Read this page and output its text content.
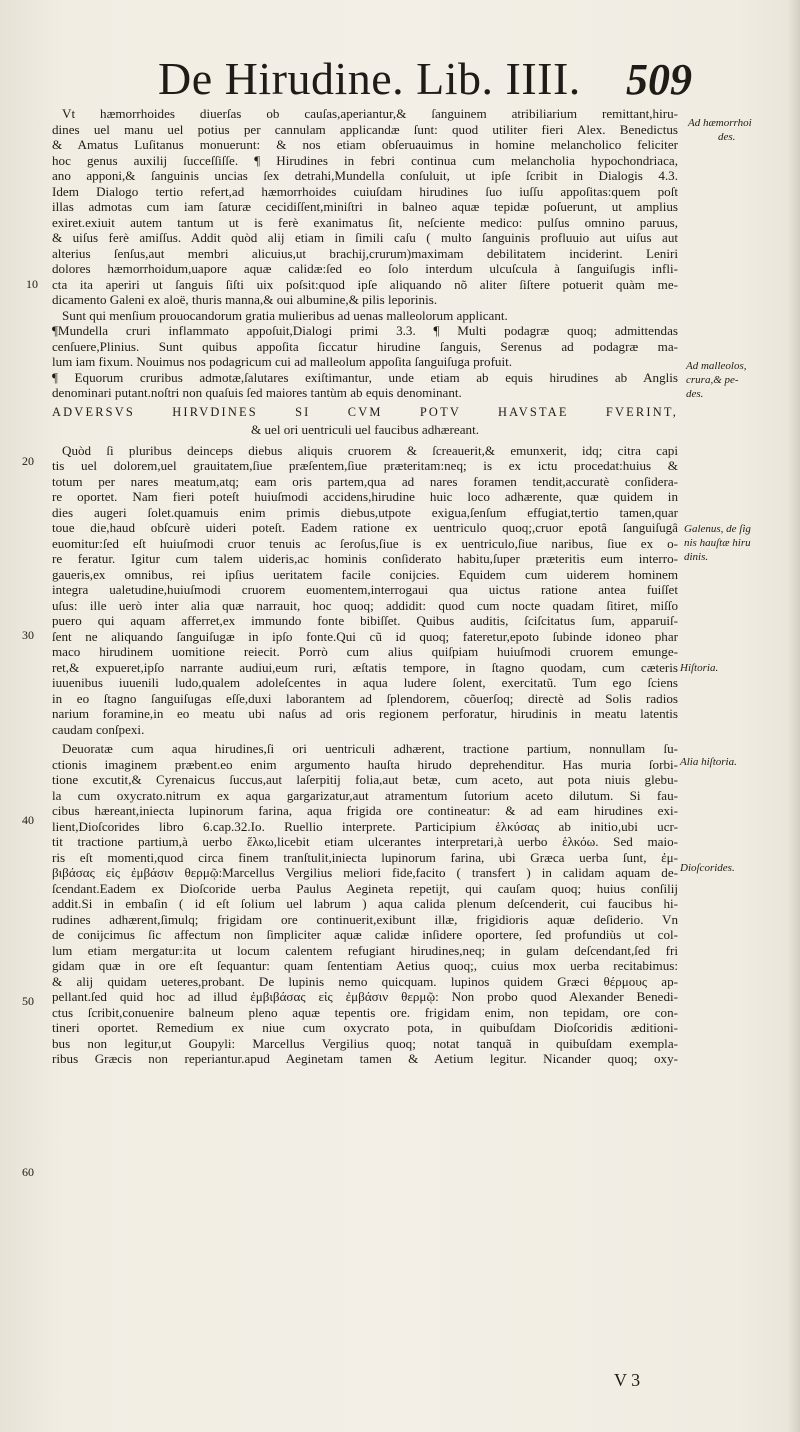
De Hirudine. Lib. IIII. 509
Vt hæmorrhoides diuerſas ob cauſas,aperiantur,& ſanguinem atribiliarium remittant,hiru-
dines uel manu uel potius per cannulam applicandæ ſunt: quod utiliter fieri Alex. Benedictus
& Amatus Luſitanus monuerunt: & nos etiam obſeruauimus in homine melancholico feliciter
hoc genus auxilij ſucceſſiſſe. ¶ Hirudines in febri continua cum melancholia hypochondriaca,
ano apponi,& ſanguinis uncias ſex detrahi,Mundella conſuluit, ut ipſe ſcribit in Dialogis 4.3.
Idem Dialogo tertio refert,ad hæmorrhoides cuiuſdam hirudines ſuo iuſſu appoſitas:quem poſt
illas admotas cum iam ſaturæ cecidiſſent,miniſtri in balneo aquæ tepidæ poſuerunt, ut amplius
exiret.exiuit autem tantum ut is ferè exanimatus ſit, neſciente medico: pulſus omnino paruus,
& uiſus ferè amiſſus. Addit quòd alij etiam in ſimili caſu ( multo ſanguinis profluuio aut uiſus aut
alterius ſenſus,aut membri alicuius,ut brachij,crurum)maximam debilitatem inciderint. Leniri
dolores hæmorrhoidum,uapore aquæ calidæ:ſed eo ſolo interdum ulcuſcula à ſanguiſugis infli-
cta ita aperiri ut ſanguis ſiſti uix poſsit:quod ipſe aliquando nõ aliter ſiſtere potuerit quàm me-
dicamento Galeni ex aloë, thuris manna,& oui albumine,& pilis leporinis.
Sunt qui menſium prouocandorum gratia mulieribus ad uenas malleolorum applicant.
¶Mundella cruri inflammato appoſuit,Dialogi primi 3.3. ¶ Multi podagræ quoq; admittendas
cenſuere,Plinius. Sunt quibus appoſita ſiccatur hirudine ſanguis, Serenus ad podagræ ma-
lum iam fixum. Nouimus nos podagricum cui ad malleolum appoſita ſanguiſuga profuit.
¶ Equorum cruribus admotæ,ſalutares exiſtimantur, unde etiam ab equis hirudines ab Anglis
denominari putant.noſtri non quaſuis ſed maiores tantùm ab equis denominant.
ADVERSVS HIRVDINES SI CVM POTV HAVSTAE FVERINT,
& uel ori uentriculi uel faucibus adhæreant.
Quòd ſi pluribus deinceps diebus aliquis cruorem & ſcreauerit,& emunxerit, idq; citra capi
tis uel dolorem,uel grauitatem,ſiue præſentem,ſiue præteritam:neq; is ex ictu procedat:huius &
totum per nares meatum,atq; eam oris partem,qua ad nares foramen tendit,accuratè conſidera-
re oportet. Nam fieri poteſt huiuſmodi accidens,hirudine huic loco adhærente, quæ quidem in
dies augeri ſolet.quamuis enim primis diebus,utpote exigua,ſenſum effugiat,tertio tamen,quar
toue die,haud obſcurè uideri poteſt. Eadem ratione ex uentriculo quoq;,cruor epotâ ſanguiſugâ
euomitur:ſed eſt huiuſmodi cruor tenuis ac ſeroſus,ſiue is ex uentriculo,ſiue naribus, ſiue ex o-
re feratur. Igitur cum talem uideris,ac hominis conſiderato habitu,ſuper præteritis eum interro-
gaueris,ex omnibus, rei ipſius ueritatem facile conijcies. Equidem cum uiderem hominem
integra ualetudine,huiuſmodi cruorem euomentem,interrogaui qua uictus ratione antea fuiſſet
uſus: ille uerò inter alia quæ narrauit, hoc quoq; addidit: quod cum nocte quadam ſitiret, miſſo
puero qui aquam afferret,ex immundo fonte bibiſſet. Quibus auditis, ſciſcitatus ſum, apparuiſ-
ſent ne aliquando ſanguiſugæ in ipſo fonte.Qui cũ id quoq; fateretur,epoto ſubinde idoneo phar
maco hirudinem uomitione reiecit. Porrò cum alius quiſpiam huiuſmodi cruorem emunge-
ret,& expueret,ipſo narrante audiui,eum ruri, æſtatis tempore, in ſtagno quodam, cum cæteris
iuuenibus iuuenili ludo,qualem adoleſcentes in aqua ludere ſolent, exercitatũ. Tum ego ſciens
in eo ſtagno ſanguiſugas eſſe,duxi laborantem ad ſplendorem, cõuerſoq; directè ad Solis radios
narium foramine,in eo meatu ubi naſus ad oris regionem perforatur, hirudinis in meatu latentis
caudam conſpexi.
Deuoratæ cum aqua hirudines,ſi ori uentriculi adhærent, tractione partium, nonnullam ſu-
ctionis imaginem præbent.eo enim argumento hauſta hirudo deprehenditur. Has muria ſorbi-
tione excutit,& Cyrenaicus ſuccus,aut laſerpitij folia,aut betæ, cum aceto, aut pota niuis glebu-
la cum oxycrato.nitrum ex aqua gargarizatur,aut atramentum ſutorium aceto dilutum. Si fau-
cibus hæreant,iniecta lupinorum farina, aqua frigida ore contineatur: & ad eam hirudines exi-
lient,Dioſcorides libro 6.cap.32.Io. Ruellio interprete. Participium ἑλκύσας ab initio,ubi ucr-
tit tractione partium,à uerbo ἕλκω,licebit etiam ulcerantes interpretari,à uerbo ἑλκόω. Sed maio-
ris eſt momenti,quod circa finem tranſtulit,iniecta lupinorum farina, ubi Græca uerba ſunt, ἐμ-
βιβάσας εἰς ἐμβάσιν θερμῷ:Marcellus Vergilius meliori fide,facito ( transfert ) in calidam aquam de-
ſcendant.Eadem ex Dioſcoride uerba Paulus Aegineta repetijt, qui cauſam quoq; huius conſilij
addit.Si in embaſin ( id eſt ſolium uel labrum ) aqua calida plenum deſcenderit, cui faucibus hi-
rudines adhærent,ſimulq; frigidam ore continuerit,exibunt illæ, frigidioris aquæ deſiderio. Vn
de conijcimus ſic affectum non ſimpliciter aquæ calidæ inſidere oportere, ſed profundiùs ut col-
lum etiam mergatur:ita ut locum calentem refugiant hirudines,neq; in gulam deſcendant,ſed fri
gidam quæ in ore eſt ſequantur: quam ſententiam Aetius quoq;, cuius mox uerba recitabimus:
& alij quidam ueteres,probant. De lupinis nemo quicquam. lupinos quidem Græci θέρμους ap-
pellant.ſed quid hoc ad illud ἐμβιβάσας εἰς ἐμβάσιν θερμῷ: Non probo quod Alexander Benedi-
ctus ſcribit,conuenire balneum pleno aquæ tepentis ore. frigidam enim, non tepidam, ore con-
tineri oportet. Remedium ex niue cum oxycrato pota, in quibuſdam Dioſcoridis æditioni-
bus non legitur,ut Goupyli: Marcellus Vergilius quoq; notat tanquã in quibuſdam exempla-
ribus Græcis non reperiantur.apud Aeginetam tamen & Aetium legitur. Nicander quoq; oxy-
Ad hæmorrhoi
des.
Ad malleolos,
crura,& pe-
des.
Galenus, de ſig
nis hauſtæ hiru
dinis.
Hiſtoria.
Alia hiſtoria.
Dioſcorides.
10
20
30
40
50
60
V 3
